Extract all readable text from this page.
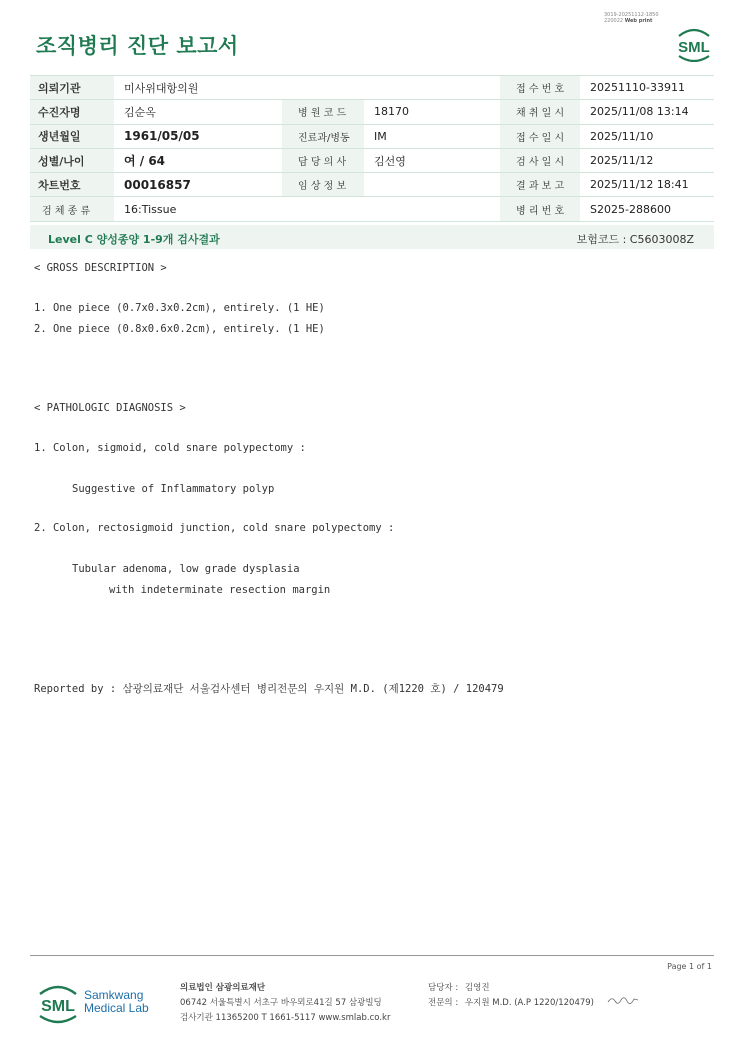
조직병리 진단 보고서
3019-20251112-1850
220022 Web print
SML
의뢰기관	미사위대항의원			접 수 번 호	20251110-33911
수진자명	김순옥	병 원 코 드	18170	채 취 일 시	2025/11/08 13:14
생년월일	1961/05/05	진료과/병동	IM	접 수 일 시	2025/11/10
성별/나이	여 / 64	담 당 의 사	김선영	검 사 일 시	2025/11/12
차트번호	00016857	임 상 정 보		결 과 보 고	2025/11/12 18:41
검 체 종 류	16:Tissue			병 리 번 호	S2025-288600
Level C 양성종양 1-9개 검사결과	보험코드 : C5603008Z
< GROSS DESCRIPTION >
1. One piece (0.7x0.3x0.2cm), entirely. (1 HE)
2. One piece (0.8x0.6x0.2cm), entirely. (1 HE)
< PATHOLOGIC DIAGNOSIS >
1. Colon, sigmoid, cold snare polypectomy :
Suggestive of Inflammatory polyp
2. Colon, rectosigmoid junction, cold snare polypectomy :
Tubular adenoma, low grade dysplasia
with indeterminate resection margin
Reported by : 삼광의료재단 서울검사센터 병리전문의 우지원 M.D. (제1220 호) / 120479
Page 1 of 1
SML
Samkwang
Medical Lab
의료법인 삼광의료재단
06742 서울특별시 서초구 바우뫼로41길 57 삼광빌딩
검사기관 11365200 T 1661-5117 www.smlab.co.kr
담당자 : 김영진
전문의 : 우지원 M.D. (A.P 1220/120479)
